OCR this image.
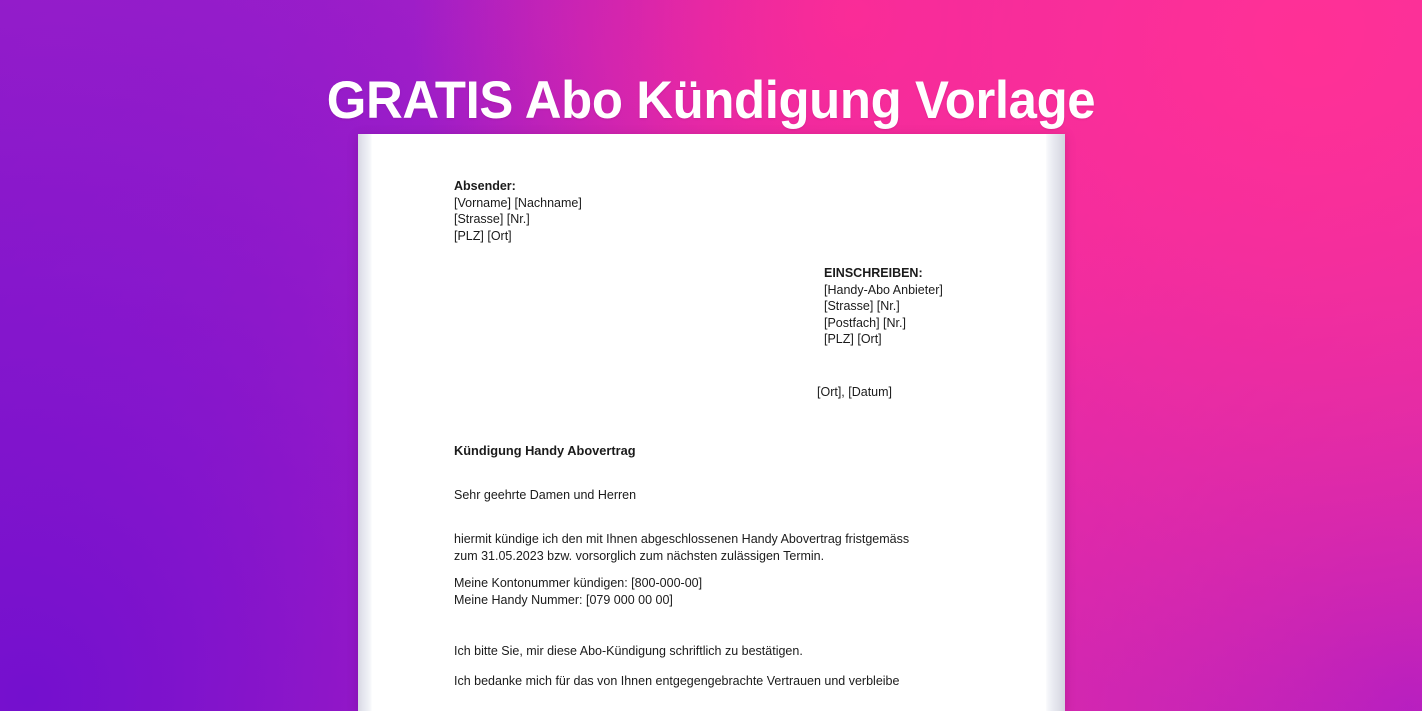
GRATIS Abo Kündigung Vorlage
Absender:
[Vorname] [Nachname]
[Strasse] [Nr.]
[PLZ] [Ort]
EINSCHREIBEN:
[Handy-Abo Anbieter]
[Strasse] [Nr.]
[Postfach] [Nr.]
[PLZ] [Ort]
[Ort], [Datum]
Kündigung Handy Abovertrag
Sehr geehrte Damen und Herren
hiermit kündige ich den mit Ihnen abgeschlossenen Handy Abovertrag fristgemäss
zum 31.05.2023 bzw. vorsorglich zum nächsten zulässigen Termin.
Meine Kontonummer kündigen: [800-000-00]
Meine Handy Nummer: [079 000 00 00]
Ich bitte Sie, mir diese Abo-Kündigung schriftlich zu bestätigen.
Ich bedanke mich für das von Ihnen entgegengebrachte Vertrauen und verbleibe
